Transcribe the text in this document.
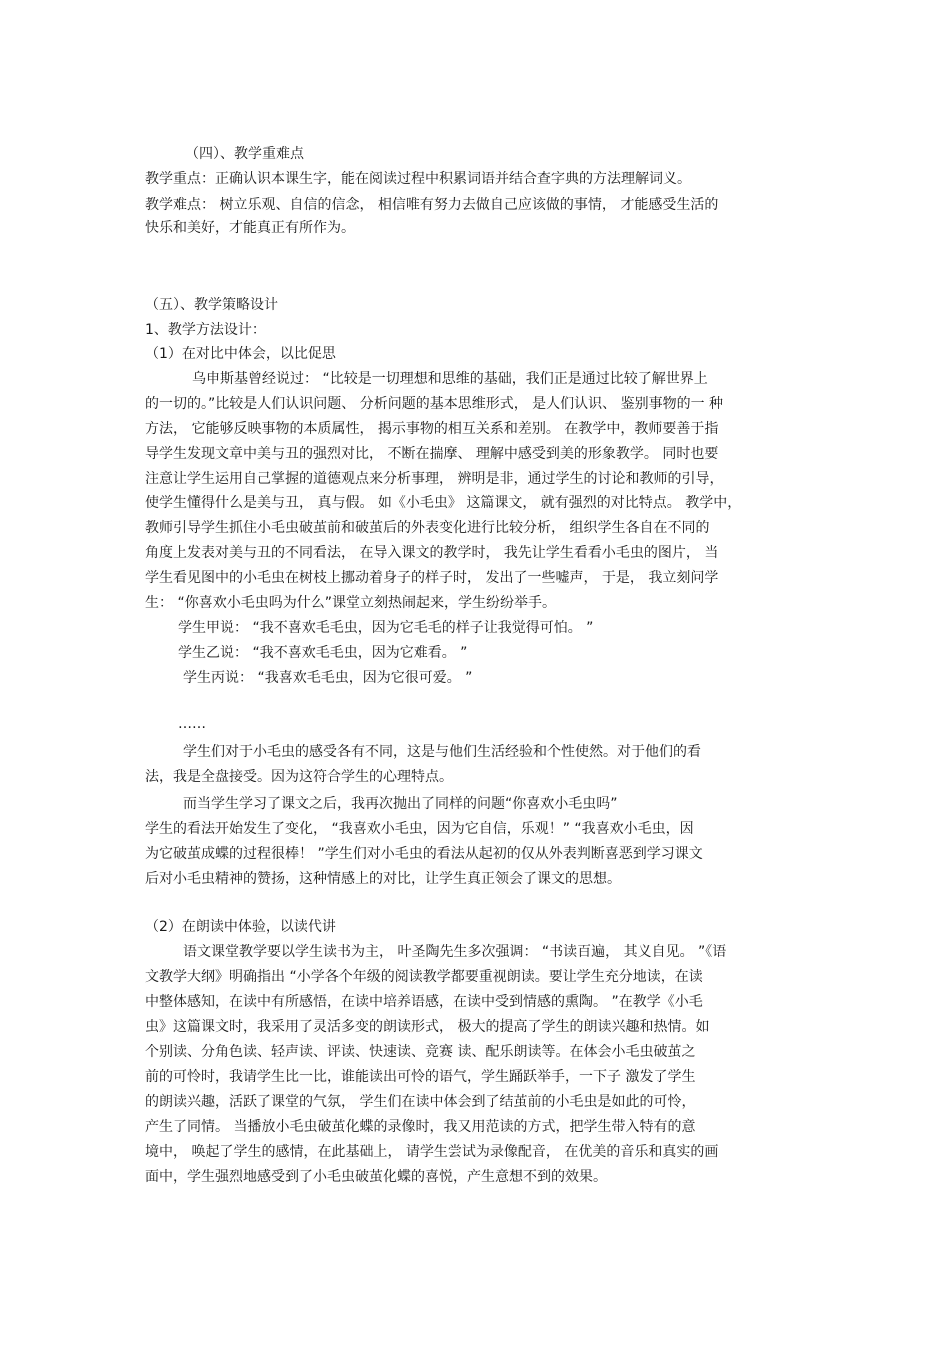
（四）、教学重难点
教学重点：正确认识本课生字，能在阅读过程中积累词语并结合查字典的方法理解词义。
教学难点： 树立乐观、自信的信念， 相信唯有努力去做自己应该做的事情， 才能感受生活的
快乐和美好，才能真正有所作为。
（五）、教学策略设计
1、教学方法设计：
（1）在对比中体会，以比促思
乌申斯基曾经说过： “比较是一切理想和思维的基础，我们正是通过比较了解世界上
的一切的。”比较是人们认识问题、 分析问题的基本思维形式， 是人们认识、 鉴别事物的一 种
方法， 它能够反映事物的本质属性， 揭示事物的相互关系和差别。 在教学中，教师要善于指
导学生发现文章中美与丑的强烈对比， 不断在揣摩、 理解中感受到美的形象教学。 同时也要
注意让学生运用自己掌握的道德观点来分析事理， 辨明是非，通过学生的讨论和教师的引导，
使学生懂得什么是美与丑， 真与假。 如《小毛虫》 这篇课文， 就有强烈的对比特点。 教学中，
教师引导学生抓住小毛虫破茧前和破茧后的外表变化进行比较分析， 组织学生各自在不同的
角度上发表对美与丑的不同看法， 在导入课文的教学时， 我先让学生看看小毛虫的图片， 当
学生看见图中的小毛虫在树枝上挪动着身子的样子时， 发出了一些嘘声， 于是， 我立刻问学
生： “你喜欢小毛虫吗为什么”课堂立刻热闹起来，学生纷纷举手。
学生甲说： “我不喜欢毛毛虫，因为它毛毛的样子让我觉得可怕。 ”
学生乙说： “我不喜欢毛毛虫，因为它难看。 ”
学生丙说： “我喜欢毛毛虫，因为它很可爱。 ”
……
学生们对于小毛虫的感受各有不同，这是与他们生活经验和个性使然。对于他们的看
法，我是全盘接受。因为这符合学生的心理特点。
而当学生学习了课文之后，我再次抛出了同样的问题“你喜欢小毛虫吗”
学生的看法开始发生了变化， “我喜欢小毛虫，因为它自信，乐观！” “我喜欢小毛虫，因
为它破茧成蝶的过程很棒！ ”学生们对小毛虫的看法从起初的仅从外表判断喜恶到学习课文
后对小毛虫精神的赞扬，这种情感上的对比，让学生真正领会了课文的思想。
（2）在朗读中体验，以读代讲
语文课堂教学要以学生读书为主， 叶圣陶先生多次强调： “书读百遍， 其义自见。 ”《语
文教学大纲》明确指出 “小学各个年级的阅读教学都要重视朗读。要让学生充分地读，在读
中整体感知，在读中有所感悟，在读中培养语感，在读中受到情感的熏陶。 ”在教学《小毛
虫》这篇课文时，我采用了灵活多变的朗读形式， 极大的提高了学生的朗读兴趣和热情。如
个别读、分角色读、轻声读、评读、快速读、竞赛 读、配乐朗读等。在体会小毛虫破茧之
前的可怜时，我请学生比一比，谁能读出可怜的语气，学生踊跃举手，一下子 激发了学生
的朗读兴趣，活跃了课堂的气氛， 学生们在读中体会到了结茧前的小毛虫是如此的可怜，
产生了同情。 当播放小毛虫破茧化蝶的录像时，我又用范读的方式，把学生带入特有的意
境中， 唤起了学生的感情，在此基础上， 请学生尝试为录像配音， 在优美的音乐和真实的画
面中，学生强烈地感受到了小毛虫破茧化蝶的喜悦，产生意想不到的效果。
